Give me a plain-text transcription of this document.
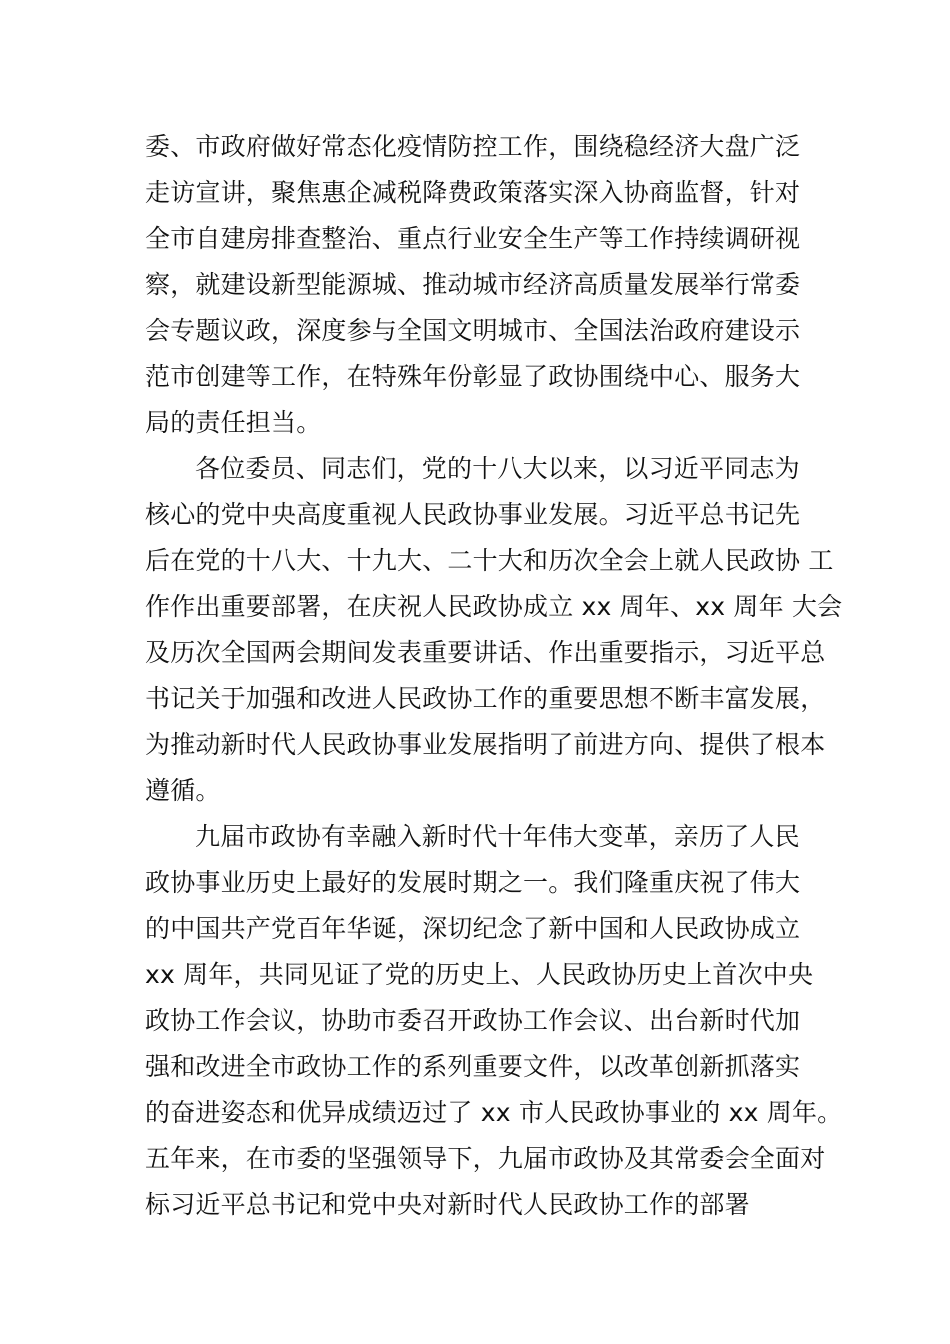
委、市政府做好常态化疫情防控工作，围绕稳经济大盘广泛
走访宣讲，聚焦惠企减税降费政策落实深入协商监督，针对
全市自建房排查整治、重点行业安全生产等工作持续调研视
察，就建设新型能源城、推动城市经济高质量发展举行常委
会专题议政，深度参与全国文明城市、全国法治政府建设示
范市创建等工作，在特殊年份彰显了政协围绕中心、服务大
局的责任担当。
各位委员、同志们，党的十八大以来，以习近平同志为
核心的党中央高度重视人民政协事业发展。习近平总书记先
后在党的十八大、十九大、二十大和历次全会上就人民政协 工
作作出重要部署，在庆祝人民政协成立 xx 周年、xx 周年 大会
及历次全国两会期间发表重要讲话、作出重要指示，习近平总
书记关于加强和改进人民政协工作的重要思想不断丰富发展，
为推动新时代人民政协事业发展指明了前进方向、提供了根本
遵循。
九届市政协有幸融入新时代十年伟大变革，亲历了人民
政协事业历史上最好的发展时期之一。我们隆重庆祝了伟大
的中国共产党百年华诞，深切纪念了新中国和人民政协成立
xx 周年，共同见证了党的历史上、人民政协历史上首次中央
政协工作会议，协助市委召开政协工作会议、出台新时代加
强和改进全市政协工作的系列重要文件，以改革创新抓落实
的奋进姿态和优异成绩迈过了 xx 市人民政协事业的 xx 周年。
五年来，在市委的坚强领导下，九届市政协及其常委会全面对
标习近平总书记和党中央对新时代人民政协工作的部署
